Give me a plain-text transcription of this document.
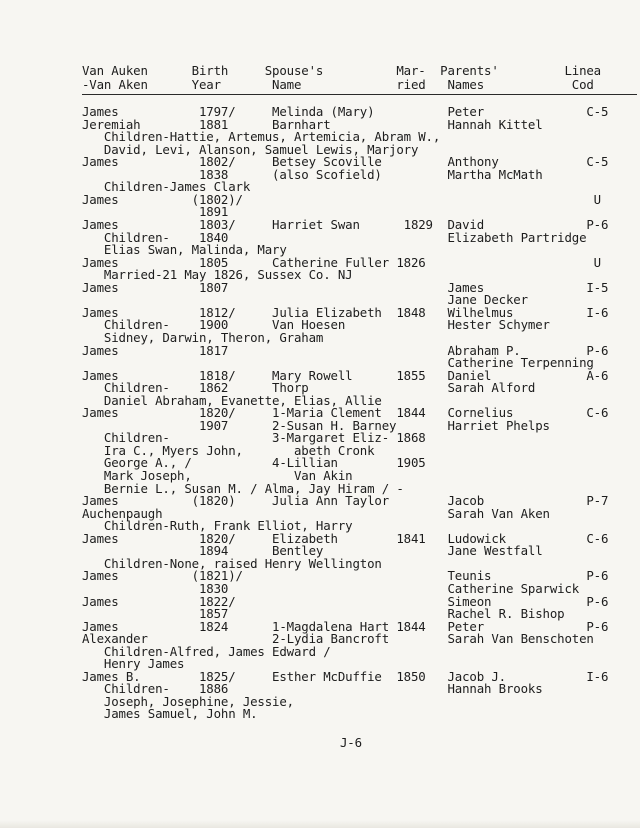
Van Auken      Birth     Spouse's          Mar-  Parents'         Linea
-Van Aken      Year       Name             ried   Names            Cod
James           1797/     Melinda (Mary)          Peter              C-5
Jeremiah        1881      Barnhart                Hannah Kittel
Children-Hattie, Artemus, Artemicia, Abram W.,
David, Levi, Alanson, Samuel Lewis, Marjory
James           1802/     Betsey Scoville         Anthony            C-5
1838      (also Scofield)         Martha McMath
Children-James Clark
James          (1802)/                                                U
1891
James           1803/     Harriet Swan      1829  David              P-6
Children-    1840                              Elizabeth Partridge
Elias Swan, Malinda, Mary
James           1805      Catherine Fuller 1826                       U
Married-21 May 1826, Sussex Co. NJ
James           1807                              James              I-5
Jane Decker
James           1812/     Julia Elizabeth  1848   Wilhelmus          I-6
Children-    1900      Van Hoesen              Hester Schymer
Sidney, Darwin, Theron, Graham
James           1817                              Abraham P.         P-6
Catherine Terpenning
James           1818/     Mary Rowell      1855   Daniel             A-6
Children-    1862      Thorp                   Sarah Alford
Daniel Abraham, Evanette, Elias, Allie
James           1820/     1-Maria Clement  1844   Cornelius          C-6
1907      2-Susan H. Barney       Harriet Phelps
Children-              3-Margaret Eliz- 1868
Ira C., Myers John,       abeth Cronk
George A., /           4-Lillian        1905
Mark Joseph,              Van Akin
Bernie L., Susan M. / Alma, Jay Hiram / -
James          (1820)     Julia Ann Taylor        Jacob              P-7
Auchenpaugh                                       Sarah Van Aken
Children-Ruth, Frank Elliot, Harry
James           1820/     Elizabeth        1841   Ludowick           C-6
1894      Bentley                 Jane Westfall
Children-None, raised Henry Wellington
James          (1821)/                            Teunis             P-6
1830                              Catherine Sparwick
James           1822/                             Simeon             P-6
1857                              Rachel R. Bishop
James           1824      1-Magdalena Hart 1844   Peter              P-6
Alexander                 2-Lydia Bancroft        Sarah Van Benschoten
Children-Alfred, James Edward /
Henry James
James B.        1825/     Esther McDuffie  1850   Jacob J.           I-6
Children-    1886                              Hannah Brooks
Joseph, Josephine, Jessie,
James Samuel, John M.
J-6
